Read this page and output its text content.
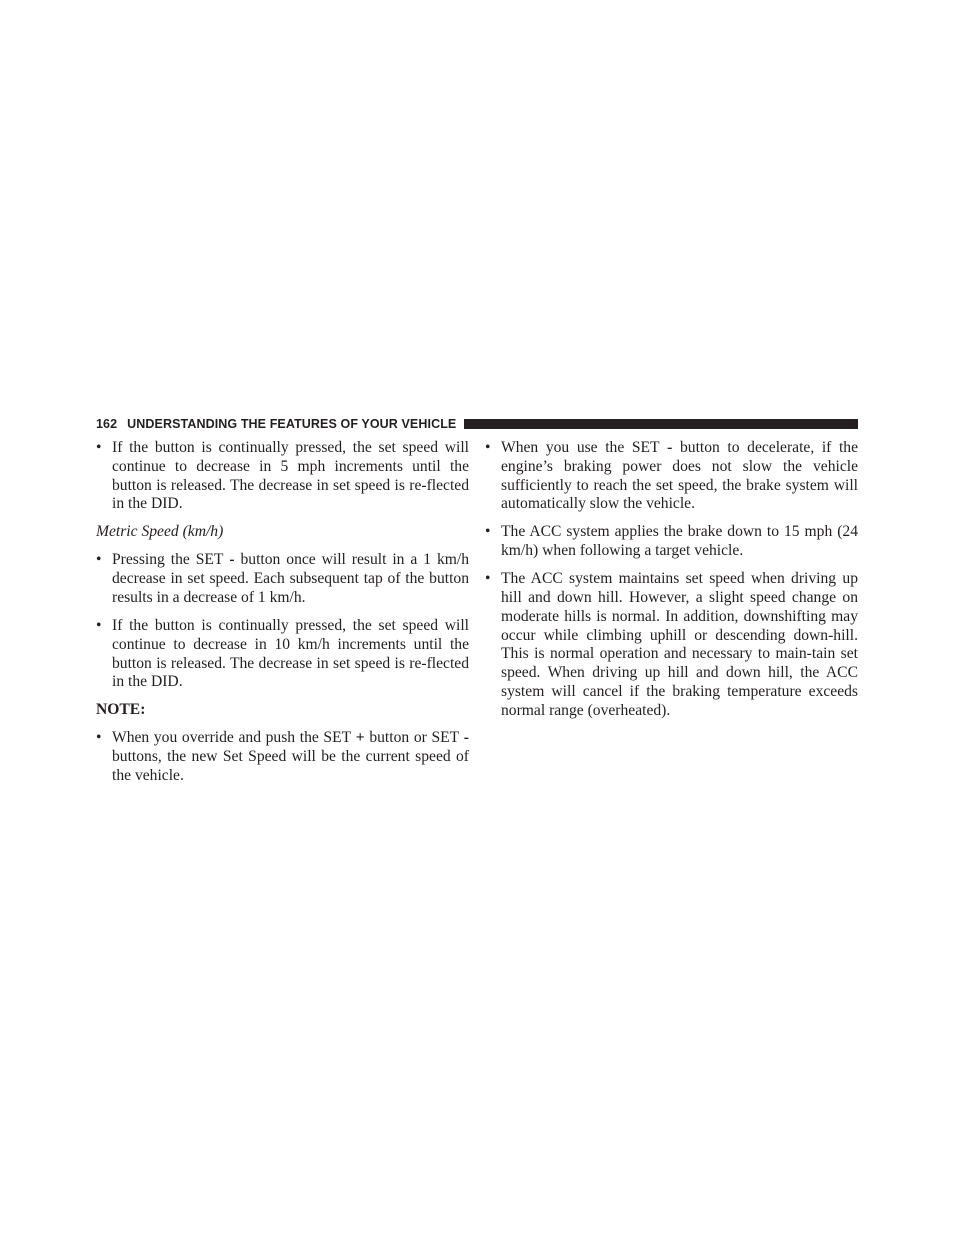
162 UNDERSTANDING THE FEATURES OF YOUR VEHICLE
• If the button is continually pressed, the set speed will continue to decrease in 5 mph increments until the button is released. The decrease in set speed is re-flected in the DID.
Metric Speed (km/h)
• Pressing the SET - button once will result in a 1 km/h decrease in set speed. Each subsequent tap of the button results in a decrease of 1 km/h.
• If the button is continually pressed, the set speed will continue to decrease in 10 km/h increments until the button is released. The decrease in set speed is re-flected in the DID.
NOTE:
• When you override and push the SET + button or SET - buttons, the new Set Speed will be the current speed of the vehicle.
• When you use the SET - button to decelerate, if the engine’s braking power does not slow the vehicle sufficiently to reach the set speed, the brake system will automatically slow the vehicle.
• The ACC system applies the brake down to 15 mph (24 km/h) when following a target vehicle.
• The ACC system maintains set speed when driving up hill and down hill. However, a slight speed change on moderate hills is normal. In addition, downshifting may occur while climbing uphill or descending down-hill. This is normal operation and necessary to main-tain set speed. When driving up hill and down hill, the ACC system will cancel if the braking temperature exceeds normal range (overheated).
